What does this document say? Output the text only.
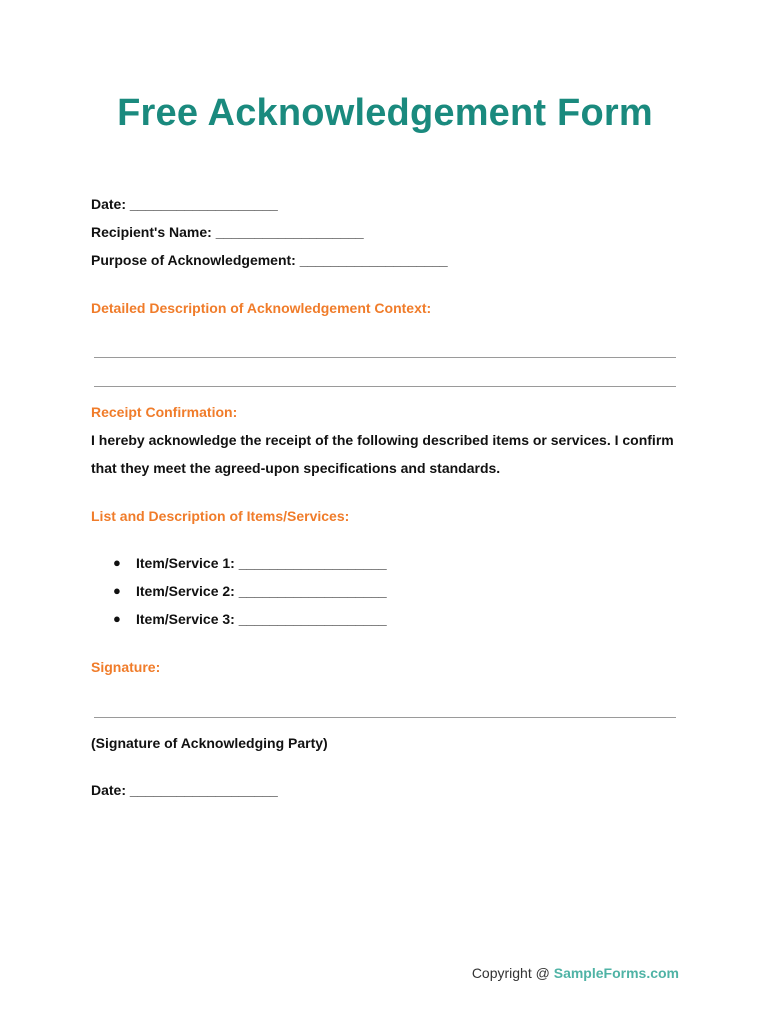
Free Acknowledgement Form
Date: ___________________
Recipient's Name: ___________________
Purpose of Acknowledgement: ___________________
Detailed Description of Acknowledgement Context:
Receipt Confirmation:
I hereby acknowledge the receipt of the following described items or services. I confirm that they meet the agreed-upon specifications and standards.
List and Description of Items/Services:
● Item/Service 1: ___________________
● Item/Service 2: ___________________
● Item/Service 3: ___________________
Signature:
(Signature of Acknowledging Party)
Date: ___________________
Copyright @ SampleForms.com
